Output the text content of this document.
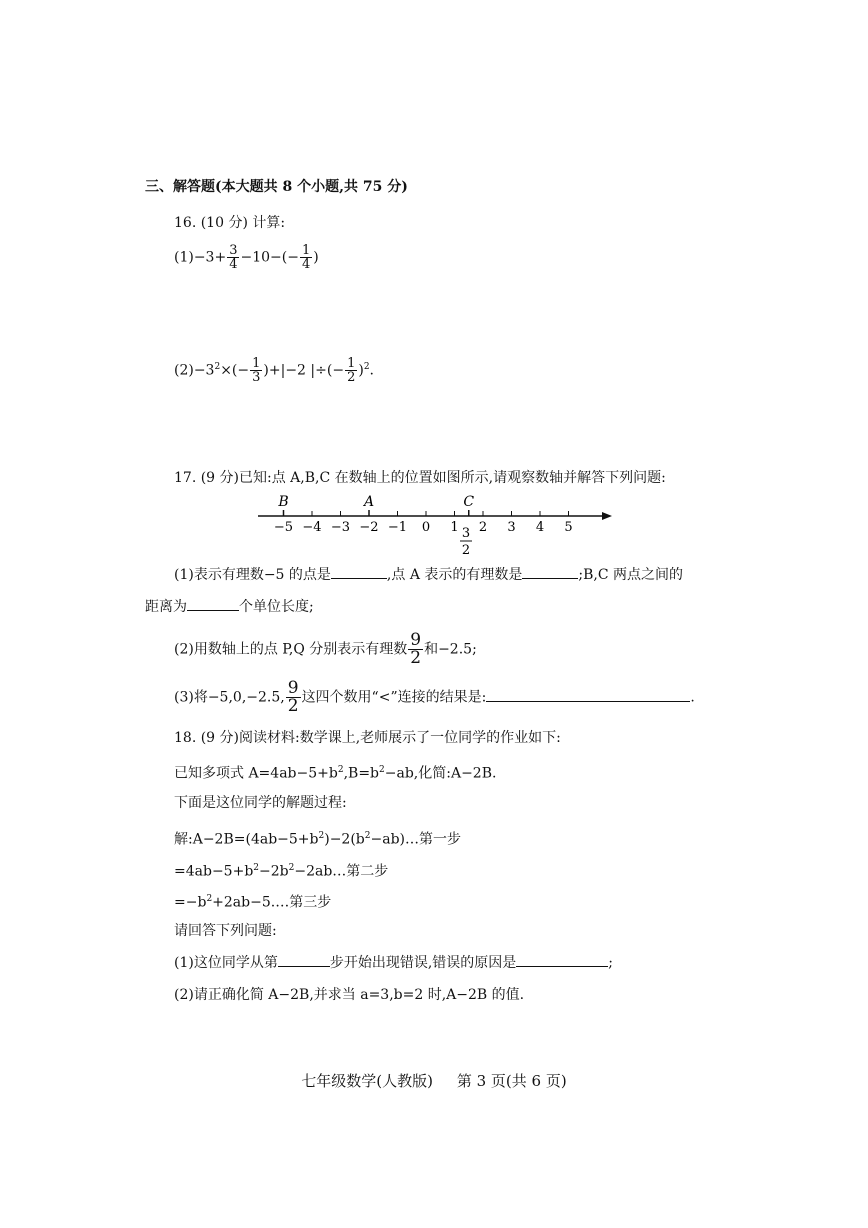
三、解答题(本大题共 8 个小题,共 75 分)
16. (10 分) 计算:
$(1)-3+ \frac{3}{4} -10-(- \frac{1}{4}$ )
$(2)-3^2\times(- \frac{1}{3} )+|-2$ |÷(− $\frac{1}{2} )^2$.
17. (9 分)已知:点 A,B,C 在数轴上的位置如图所示,请观察数轴并解答下列问题:
−5 −4 −3 −2 −1 0 1 2 3 4 5
B	A	C
3
2
(1)表示有理数−5 的点是	,点 A 表示的有理数是	;B,C 两点之间的
距离为	个单位长度;
(2)用数轴上的点 P,Q 分别表示有理数 $\frac{9}{2}$ 和−2.5;
(3)将−5,0,−2.5, $\frac{9}{2}$ 这四个数用“<”连接的结果是:	.
18. (9 分)阅读材料:数学课上,老师展示了一位同学的作业如下:
已知多项式 $A=4ab-5+b^2,B=b^2-ab$,化简:A−2B.
下面是这位同学的解题过程:
解$:A-2B=(4ab-5+b^2)-2(b^2-ab)\dots$第一步
$=4ab-5+b^2-2b^2-2ab\dots$第二步
$=-b^2+2ab-5.\dots$第三步
请回答下列问题:
(1)这位同学从第	步开始出现错误,错误的原因是	;
(2)请正确化简 A−2B,并求当 a=3,b=2 时,A−2B 的值.
七年级数学(人教版)     第 3 页(共 6 页)
